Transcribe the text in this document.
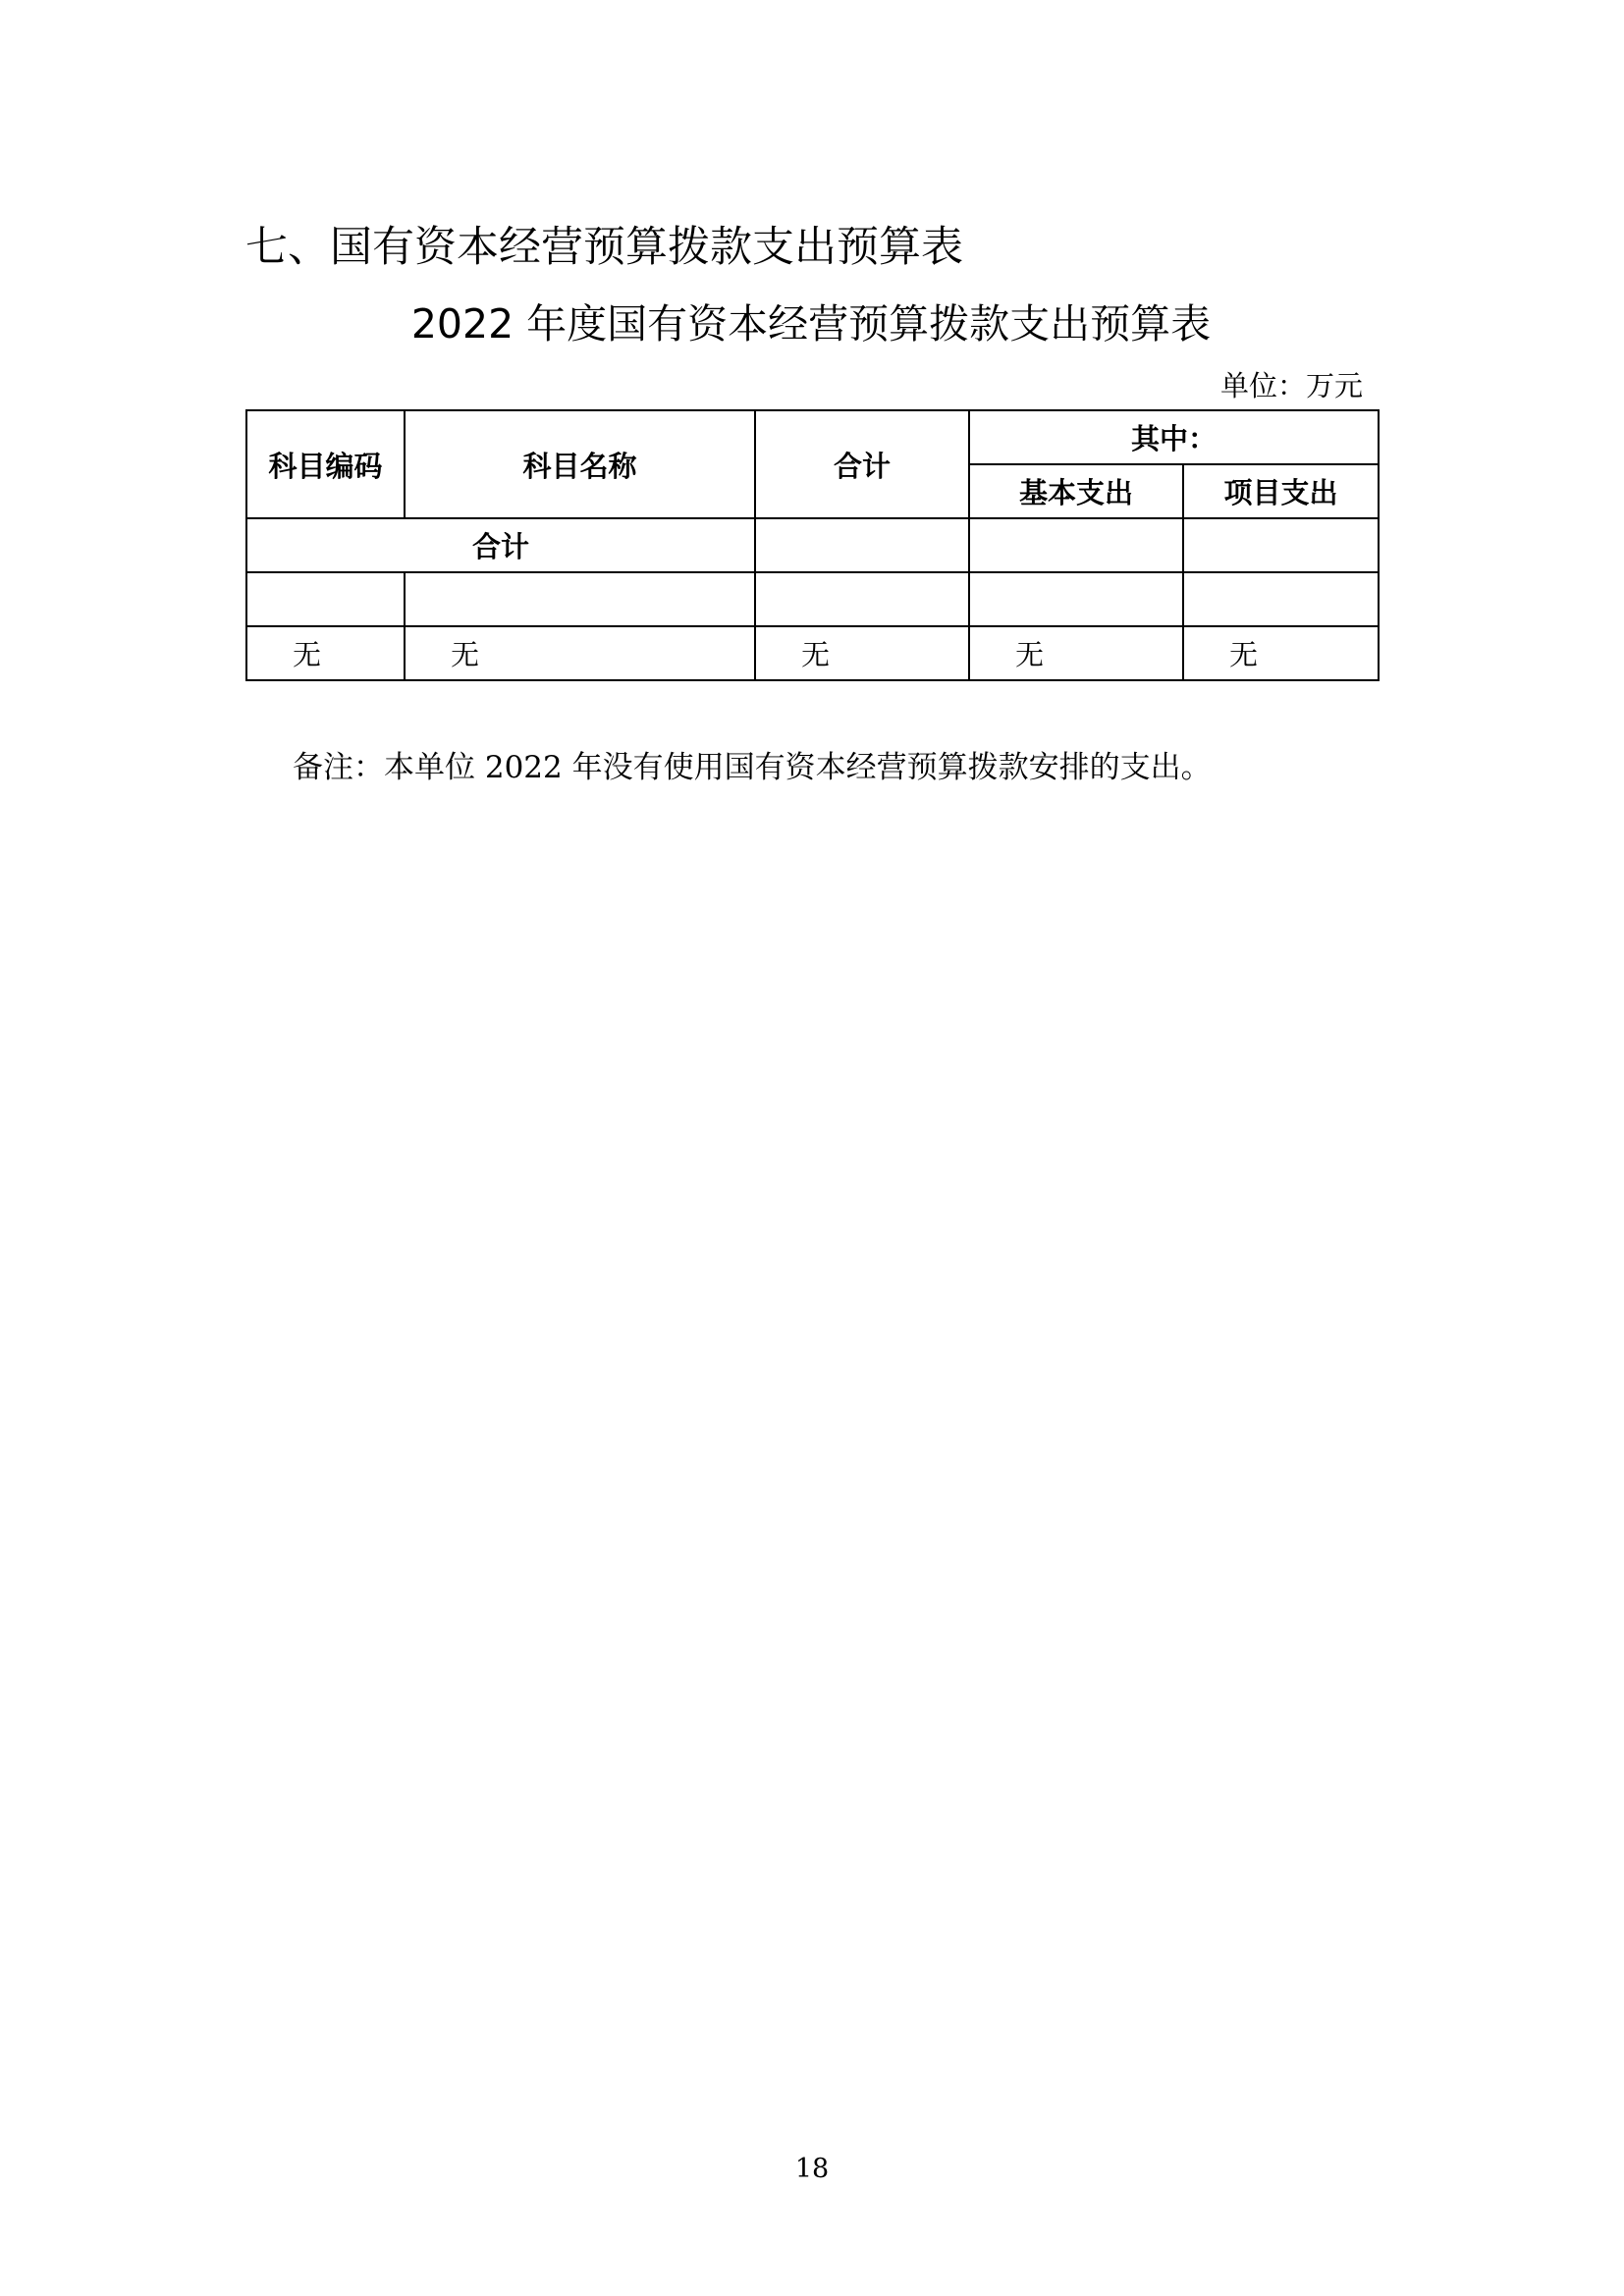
七、国有资本经营预算拨款支出预算表
2022 年度国有资本经营预算拨款支出预算表
单位：万元
科目编码	科目名称	合计	其中：	
			基本支出	项目支出
合计				

无	无	无	无	无
备注：本单位 2022 年没有使用国有资本经营预算拨款安排的支出。
18
